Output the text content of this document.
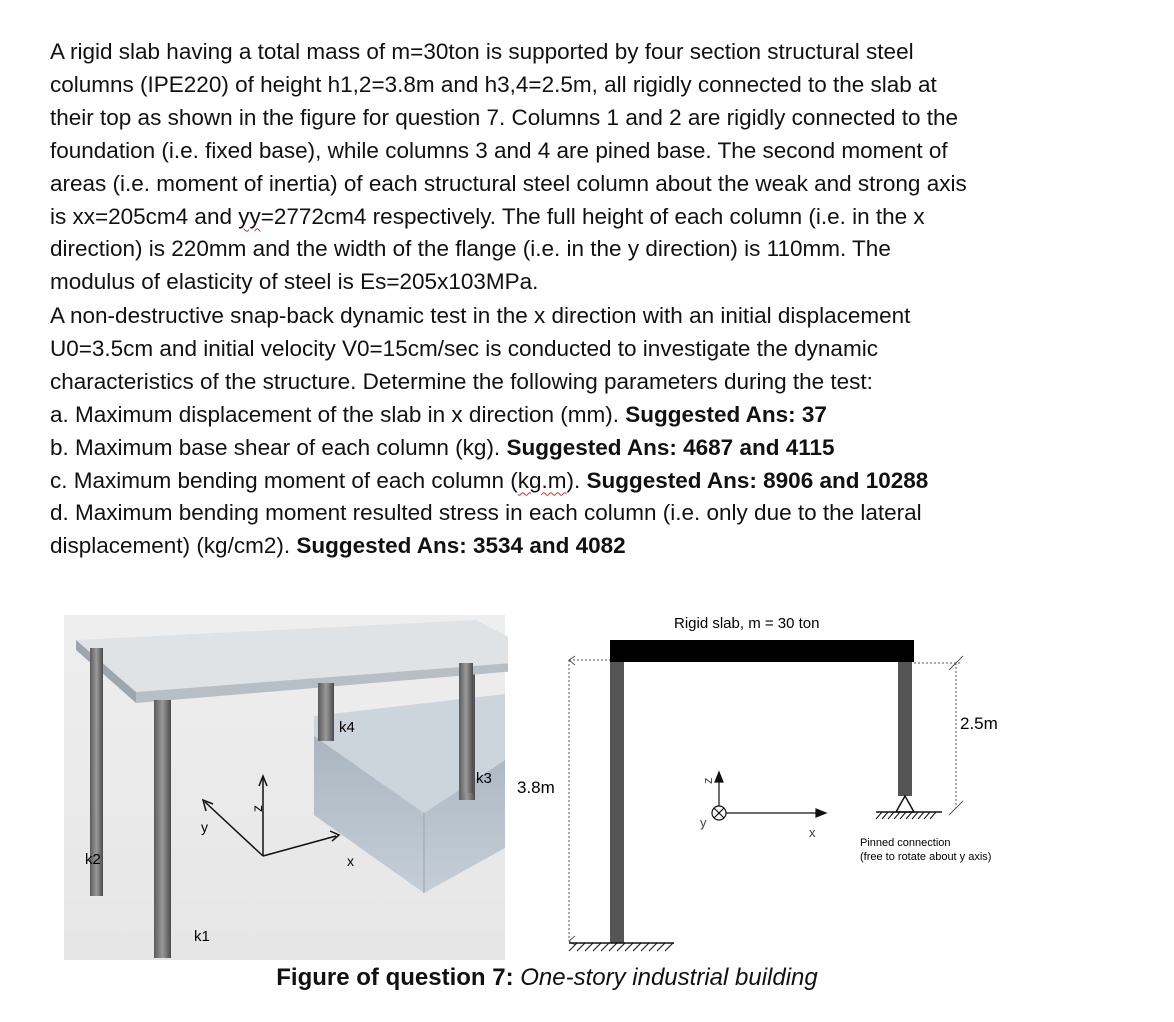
A rigid slab having a total mass of m=30ton is supported by four section structural steel
columns (IPE220) of height h1,2=3.8m and h3,4=2.5m, all rigidly connected to the slab at
their top as shown in the figure for question 7. Columns 1 and 2 are rigidly connected to the
foundation (i.e. fixed base), while columns 3 and 4 are pined base. The second moment of
areas (i.e. moment of inertia) of each structural steel column about the weak and strong axis
is xx=205cm4 and yy=2772cm4 respectively. The full height of each column (i.e. in the x
direction) is 220mm and the width of the flange (i.e. in the y direction) is 110mm. The
modulus of elasticity of steel is Es=205x103MPa.
A non-destructive snap-back dynamic test in the x direction with an initial displacement
U0=3.5cm and initial velocity V0=15cm/sec is conducted to investigate the dynamic
characteristics of the structure. Determine the following parameters during the test:
a. Maximum displacement of the slab in x direction (mm). Suggested Ans: 37
b. Maximum base shear of each column (kg). Suggested Ans: 4687 and 4115
c. Maximum bending moment of each column (kg.m). Suggested Ans: 8906 and 10288
d. Maximum bending moment resulted stress in each column (i.e. only due to the lateral
displacement) (kg/cm2). Suggested Ans: 3534 and 4082
z
y
x
k2
k1
k3
k4
z
y
x
Rigid slab, m = 30 ton
3.8m
2.5m
Pinned connection
(free to rotate about y axis)
Figure of question 7: One-story industrial building
